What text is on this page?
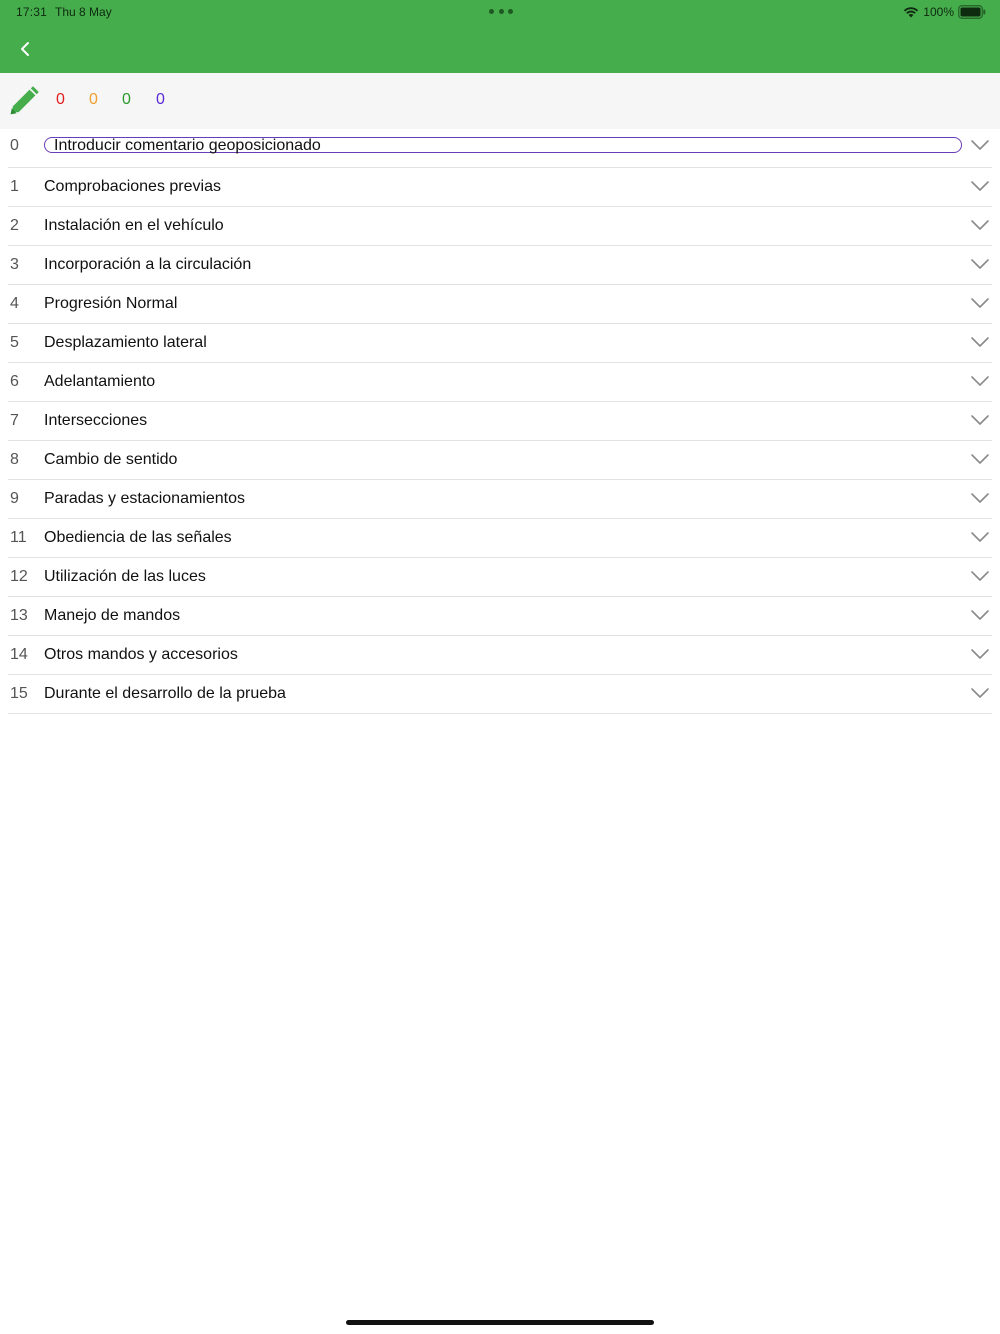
17:31 Thu 8 May	100%
0 0 0 0
0 Introducir comentario geoposicionado
1 Comprobaciones previas
2 Instalación en el vehículo
3 Incorporación a la circulación
4 Progresión Normal
5 Desplazamiento lateral
6 Adelantamiento
7 Intersecciones
8 Cambio de sentido
9 Paradas y estacionamientos
11 Obediencia de las señales
12 Utilización de las luces
13 Manejo de mandos
14 Otros mandos y accesorios
15 Durante el desarrollo de la prueba
